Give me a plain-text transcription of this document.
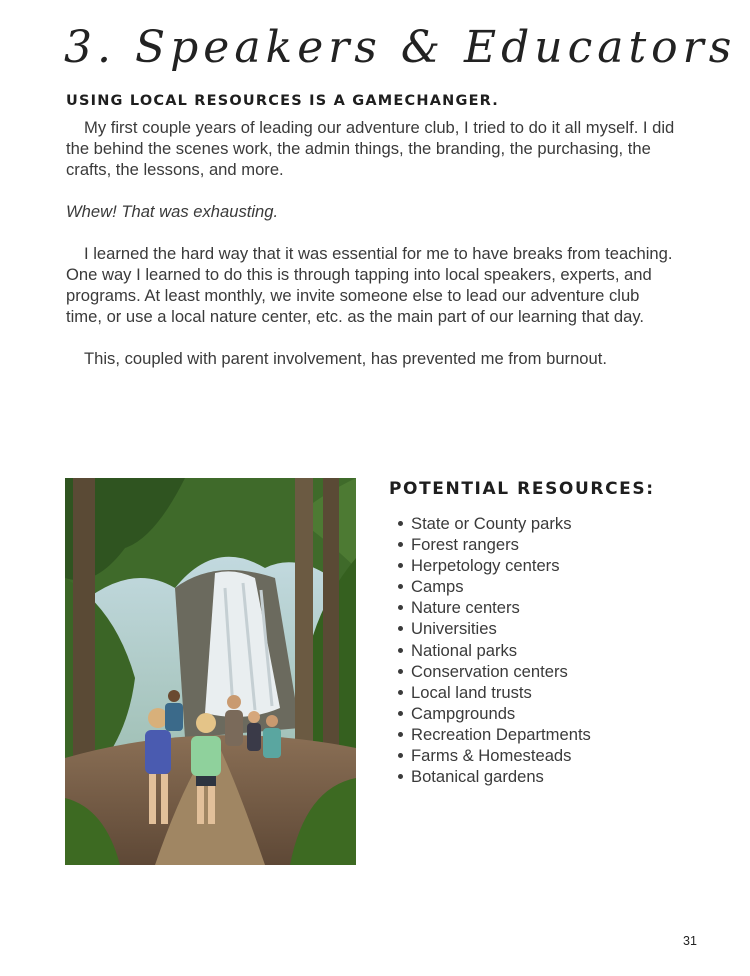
3. Speakers & Educators
USING LOCAL RESOURCES IS A GAMECHANGER.

My first couple years of leading our adventure club, I tried to do it all myself. I did the behind the scenes work, the admin things, the branding, the purchasing, the crafts, the lessons, and more.

Whew! That was exhausting.

I learned the hard way that it was essential for me to have breaks from teaching. One way I learned to do this is through tapping into local speakers, experts, and programs. At least monthly, we invite someone else to lead our adventure club time, or use a local nature center, etc. as the main part of our learning that day.

This, coupled with parent involvement, has prevented me from burnout.

POTENTIAL RESOURCES:
State or County parks
Forest rangers
Herpetology centers
Camps
Nature centers
Universities
National parks
Conservation centers
Local land trusts
Campgrounds
Recreation Departments
Farms & Homesteads
Botanical gardens
31
